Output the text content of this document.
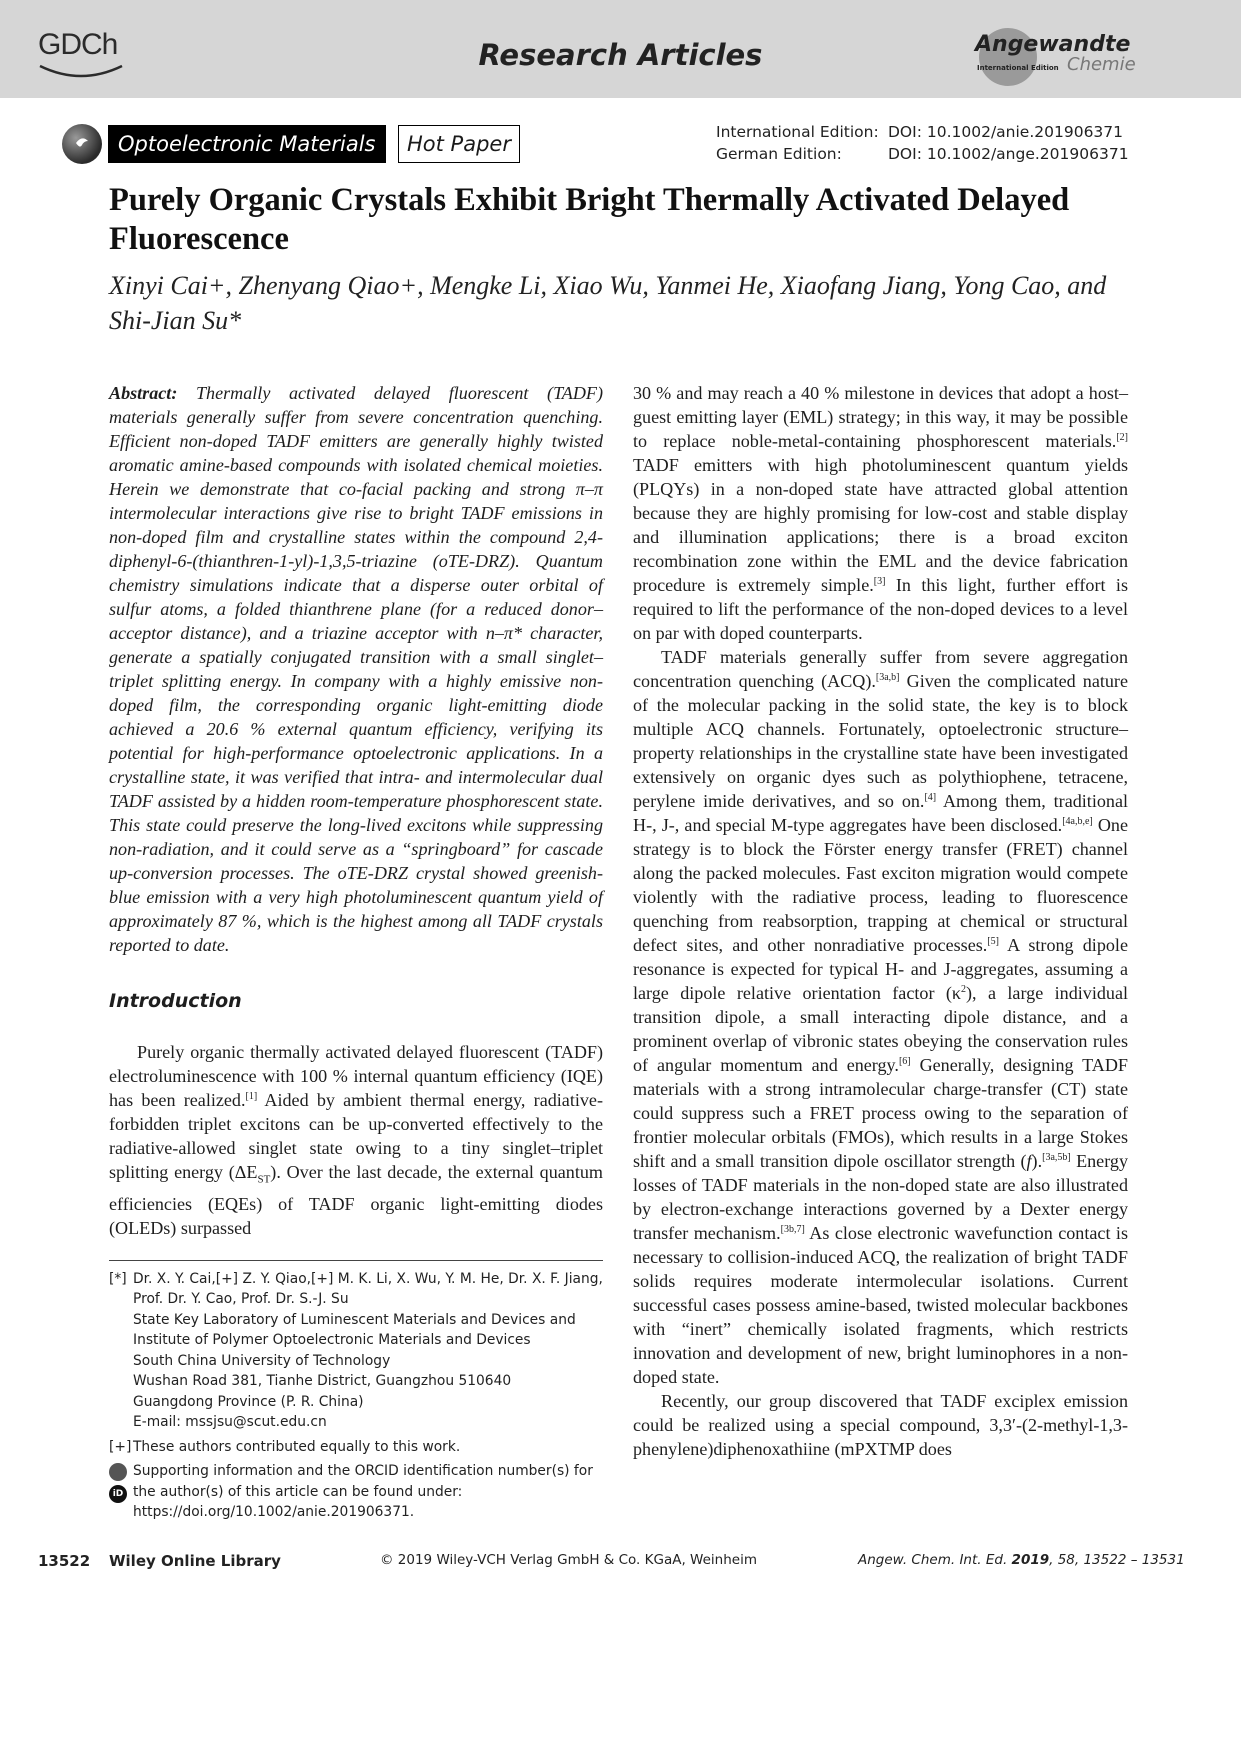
GDCh	Research Articles	Angewandte
International Edition Chemie
Optoelectronic Materials	Hot Paper	International Edition: DOI: 10.1002/anie.201906371
German Edition:	DOI: 10.1002/ange.201906371
Purely Organic Crystals Exhibit Bright Thermally Activated Delayed Fluorescence
Xinyi Cai+, Zhenyang Qiao+, Mengke Li, Xiao Wu, Yanmei He, Xiaofang Jiang, Yong Cao, and Shi-Jian Su*

Abstract: Thermally activated delayed fluorescent (TADF) materials generally suffer from severe concentration quenching. Efficient non-doped TADF emitters are generally highly twisted aromatic amine-based compounds with isolated chemical moieties. Herein we demonstrate that co-facial packing and strong π–π intermolecular interactions give rise to bright TADF emissions in non-doped film and crystalline states within the compound 2,4-diphenyl-6-(thianthren-1-yl)-1,3,5-triazine (oTE-DRZ). Quantum chemistry simulations indicate that a disperse outer orbital of sulfur atoms, a folded thianthrene plane (for a reduced donor–acceptor distance), and a triazine acceptor with n–π* character, generate a spatially conjugated transition with a small singlet–triplet splitting energy. In company with a highly emissive non-doped film, the corresponding organic light-emitting diode achieved a 20.6 % external quantum efficiency, verifying its potential for high-performance optoelectronic applications. In a crystalline state, it was verified that intra- and intermolecular dual TADF assisted by a hidden room-temperature phosphorescent state. This state could preserve the long-lived excitons while suppressing non-radiation, and it could serve as a “springboard” for cascade up-conversion processes. The oTE-DRZ crystal showed greenish-blue emission with a very high photoluminescent quantum yield of approximately 87 %, which is the highest among all TADF crystals reported to date.

Introduction

Purely organic thermally activated delayed fluorescent (TADF) electroluminescence with 100 % internal quantum efficiency (IQE) has been realized.[1] Aided by ambient thermal energy, radiative-forbidden triplet excitons can be up-converted effectively to the radiative-allowed singlet state owing to a tiny singlet–triplet splitting energy $(\Delta E_{ST})$. Over the last decade, the external quantum efficiencies (EQEs) of TADF organic light-emitting diodes (OLEDs) surpassed

[*] Dr. X. Y. Cai,[+] Z. Y. Qiao,[+] M. K. Li, X. Wu, Y. M. He, Dr. X. F. Jiang,
Prof. Dr. Y. Cao, Prof. Dr. S.-J. Su
State Key Laboratory of Luminescent Materials and Devices and
Institute of Polymer Optoelectronic Materials and Devices
South China University of Technology
Wushan Road 381, Tianhe District, Guangzhou 510640
Guangdong Province (P. R. China)
E-mail: mssjsu@scut.edu.cn
[+] These authors contributed equally to this work.
iD
Supporting information and the ORCID identification number(s) for the author(s) of this article can be found under: https://doi.org/10.1002/anie.201906371.

30 % and may reach a 40 % milestone in devices that adopt a host–guest emitting layer (EML) strategy; in this way, it may be possible to replace noble-metal-containing phosphorescent materials.[2] TADF emitters with high photoluminescent quantum yields (PLQYs) in a non-doped state have attracted global attention because they are highly promising for low-cost and stable display and illumination applications; there is a broad exciton recombination zone within the EML and the device fabrication procedure is extremely simple.[3] In this light, further effort is required to lift the performance of the non-doped devices to a level on par with doped counterparts.

TADF materials generally suffer from severe aggregation concentration quenching (ACQ).[3a,b] Given the complicated nature of the molecular packing in the solid state, the key is to block multiple ACQ channels. Fortunately, optoelectronic structure–property relationships in the crystalline state have been investigated extensively on organic dyes such as polythiophene, tetracene, perylene imide derivatives, and so on.[4] Among them, traditional H-, J-, and special M-type aggregates have been disclosed.[4a,b,e] One strategy is to block the Förster energy transfer (FRET) channel along the packed molecules. Fast exciton migration would compete violently with the radiative process, leading to fluorescence quenching from reabsorption, trapping at chemical or structural defect sites, and other nonradiative processes.[5] A strong dipole resonance is expected for typical H- and J-aggregates, assuming a large dipole relative orientation factor $(\kappa^2)$, a large individual transition dipole, a small interacting dipole distance, and a prominent overlap of vibronic states obeying the conservation rules of angular momentum and energy.[6] Generally, designing TADF materials with a strong intramolecular charge-transfer (CT) state could suppress such a FRET process owing to the separation of frontier molecular orbitals (FMOs), which results in a large Stokes shift and a small transition dipole oscillator strength (f).[3a,5b] Energy losses of TADF materials in the non-doped state are also illustrated by electron-exchange interactions governed by a Dexter energy transfer mechanism.[3b,7] As close electronic wavefunction contact is necessary to collision-induced ACQ, the realization of bright TADF solids requires moderate intermolecular isolations. Current successful cases possess amine-based, twisted molecular backbones with “inert” chemically isolated fragments, which restricts innovation and development of new, bright luminophores in a non-doped state.

Recently, our group discovered that TADF exciplex emission could be realized using a special compound, 3,3′-(2-methyl-1,3-phenylene)diphenoxathiine (mPXTMP does

13522 Wiley Online Library	© 2019 Wiley-VCH Verlag GmbH & Co. KGaA, Weinheim	Angew. Chem. Int. Ed. 2019, 58, 13522 – 13531
